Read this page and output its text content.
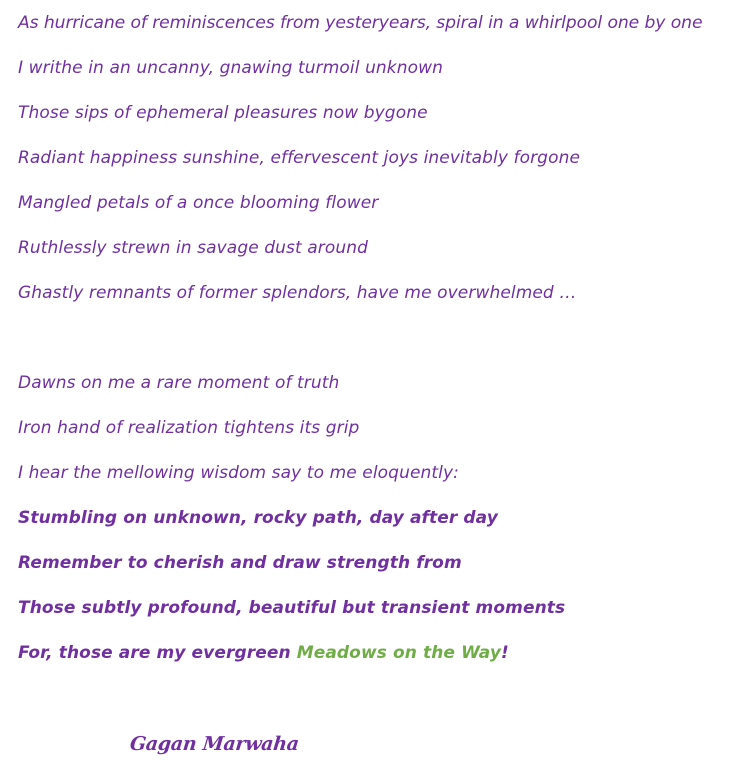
As hurricane of reminiscences from yesteryears, spiral in a whirlpool one by one
I writhe in an uncanny, gnawing turmoil unknown
Those sips of ephemeral pleasures now bygone
Radiant happiness sunshine, effervescent joys inevitably forgone
Mangled petals of a once blooming flower
Ruthlessly strewn in savage dust around
Ghastly remnants of former splendors, have me overwhelmed …
Dawns on me a rare moment of truth
Iron hand of realization tightens its grip
I hear the mellowing wisdom say to me eloquently:
Stumbling on unknown, rocky path, day after day
Remember to cherish and draw strength from
Those subtly profound, beautiful but transient moments
For, those are my evergreen Meadows on the Way!
Gagan Marwaha
